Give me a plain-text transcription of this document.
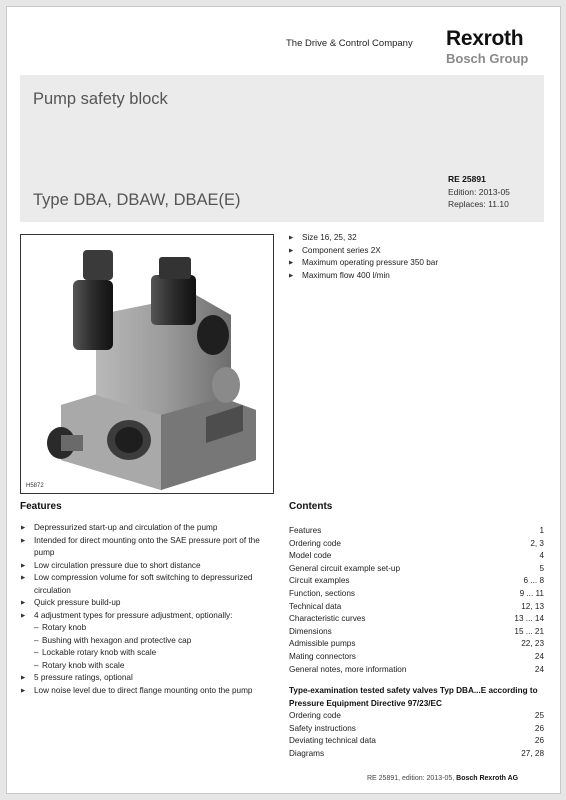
The Drive & Control Company Rexroth
Bosch Group
Pump safety block
Type DBA, DBAW, DBAE(E)
RE 25891
Edition: 2013-05
Replaces: 11.10
H5872
▶ Size 16, 25, 32
▶ Component series 2X
▶ Maximum operating pressure 350 bar
▶ Maximum flow 400 l/min
Features
▶ Depressurized start-up and circulation of the pump
▶ Intended for direct mounting onto the SAE pressure port of the pump
▶ Low circulation pressure due to short distance
▶ Low compression volume for soft switching to depressurized circulation
▶ Quick pressure build-up
▶ 4 adjustment types for pressure adjustment, optionally:
– Rotary knob
– Bushing with hexagon and protective cap
– Lockable rotary knob with scale
– Rotary knob with scale
▶ 5 pressure ratings, optional
▶ Low noise level due to direct flange mounting onto the pump
Contents
Features	1
Ordering code	2, 3
Model code	4
General circuit example set-up	5
Circuit examples	6 ... 8
Function, sections	9 ... 11
Technical data	12, 13
Characteristic curves	13 ... 14
Dimensions	15 ... 21
Admissible pumps	22, 23
Mating connectors	24
General notes, more information	24
Type-examination tested safety valves Typ DBA...E according to Pressure Equipment Directive 97/23/EC
Ordering code	25
Safety instructions	26
Deviating technical data	26
Diagrams	27, 28
RE 25891, edition: 2013-05, Bosch Rexroth AG
